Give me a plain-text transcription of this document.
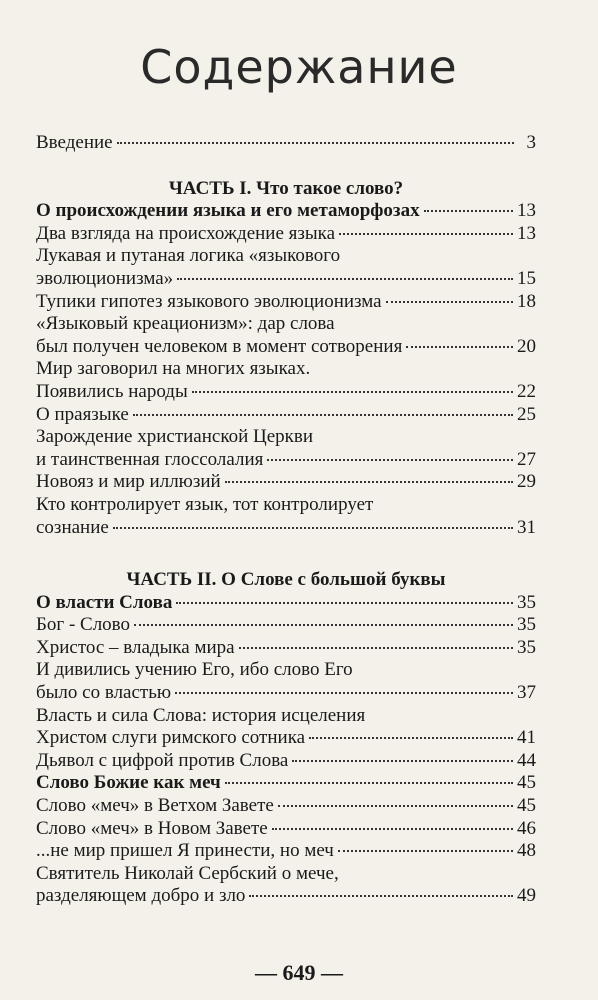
Содержание
Введение	3
ЧАСТЬ I. Что такое слово?
О происхождении языка и его метаморфозах	13
Два взгляда на происхождение языка	13
Лукавая и путаная логика «языкового
эволюционизма»	15
Тупики гипотез языкового эволюционизма	18
«Языковый креационизм»: дар слова
был получен человеком в момент сотворения	20
Мир заговорил на многих языках.
Появились народы	22
О праязыке	25
Зарождение христианской Церкви
и таинственная глоссолалия	27
Новояз и мир иллюзий	29
Кто контролирует язык, тот контролирует
сознание	31
ЧАСТЬ II. О Слове с большой буквы
О власти Слова	35
Бог - Слово	35
Христос – владыка мира	35
И дивились учению Его, ибо слово Его
было со властью	37
Власть и сила Слова: история исцеления
Христом слуги римского сотника	41
Дьявол с цифрой против Слова	44
Слово Божие как меч	45
Слово «меч» в Ветхом Завете	45
Слово «меч» в Новом Завете	46
...не мир пришел Я принести, но меч	48
Святитель Николай Сербский о мече,
разделяющем добро и зло	49
— 649 —
